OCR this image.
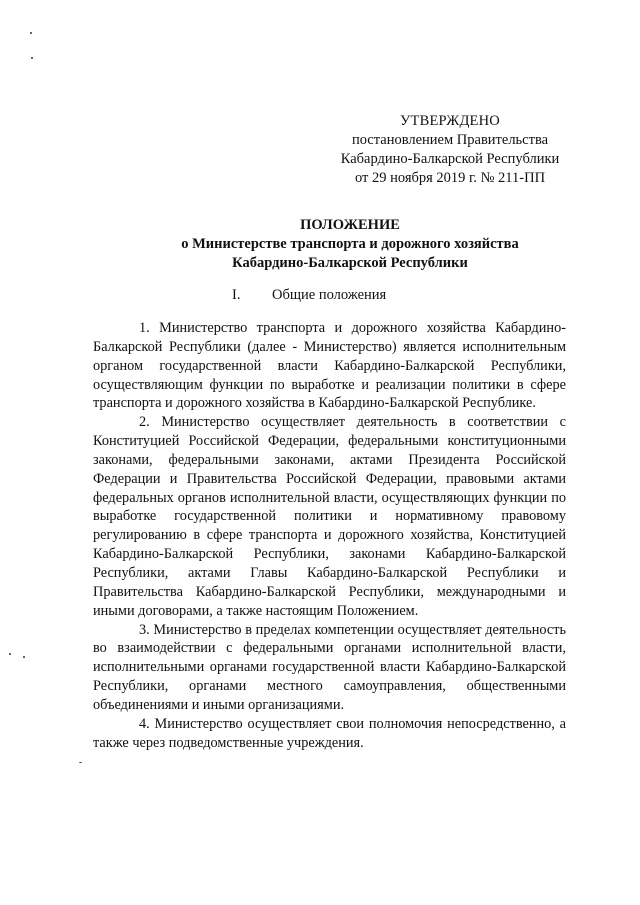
УТВЕРЖДЕНО
постановлением Правительства
Кабардино-Балкарской Республики
от 29 ноября 2019 г. № 211-ПП
ПОЛОЖЕНИЕ
о Министерстве транспорта и дорожного хозяйства
Кабардино-Балкарской Республики
I. Общие положения

1. Министерство транспорта и дорожного хозяйства Кабардино-Балкарской Республики (далее - Министерство) является исполнительным органом государственной власти Кабардино-Балкарской Республики, осуществляющим функции по выработке и реализации политики в сфере транспорта и дорожного хозяйства в Кабардино-Балкарской Республике.

2. Министерство осуществляет деятельность в соответствии с Конституцией Российской Федерации, федеральными конституционными законами, федеральными законами, актами Президента Российской Федерации и Правительства Российской Федерации, правовыми актами федеральных органов исполнительной власти, осуществляющих функции по выработке государственной политики и нормативному правовому регулированию в сфере транспорта и дорожного хозяйства, Конституцией Кабардино-Балкарской Республики, законами Кабардино-Балкарской Республики, актами Главы Кабардино-Балкарской Республики и Правительства Кабардино-Балкарской Республики, международными и иными договорами, а также настоящим Положением.

3. Министерство в пределах компетенции осуществляет деятельность во взаимодействии с федеральными органами исполнительной власти, исполнительными органами государственной власти Кабардино-Балкарской Республики, органами местного самоуправления, общественными объединениями и иными организациями.

4. Министерство осуществляет свои полномочия непосредственно, а также через подведомственные учреждения.
